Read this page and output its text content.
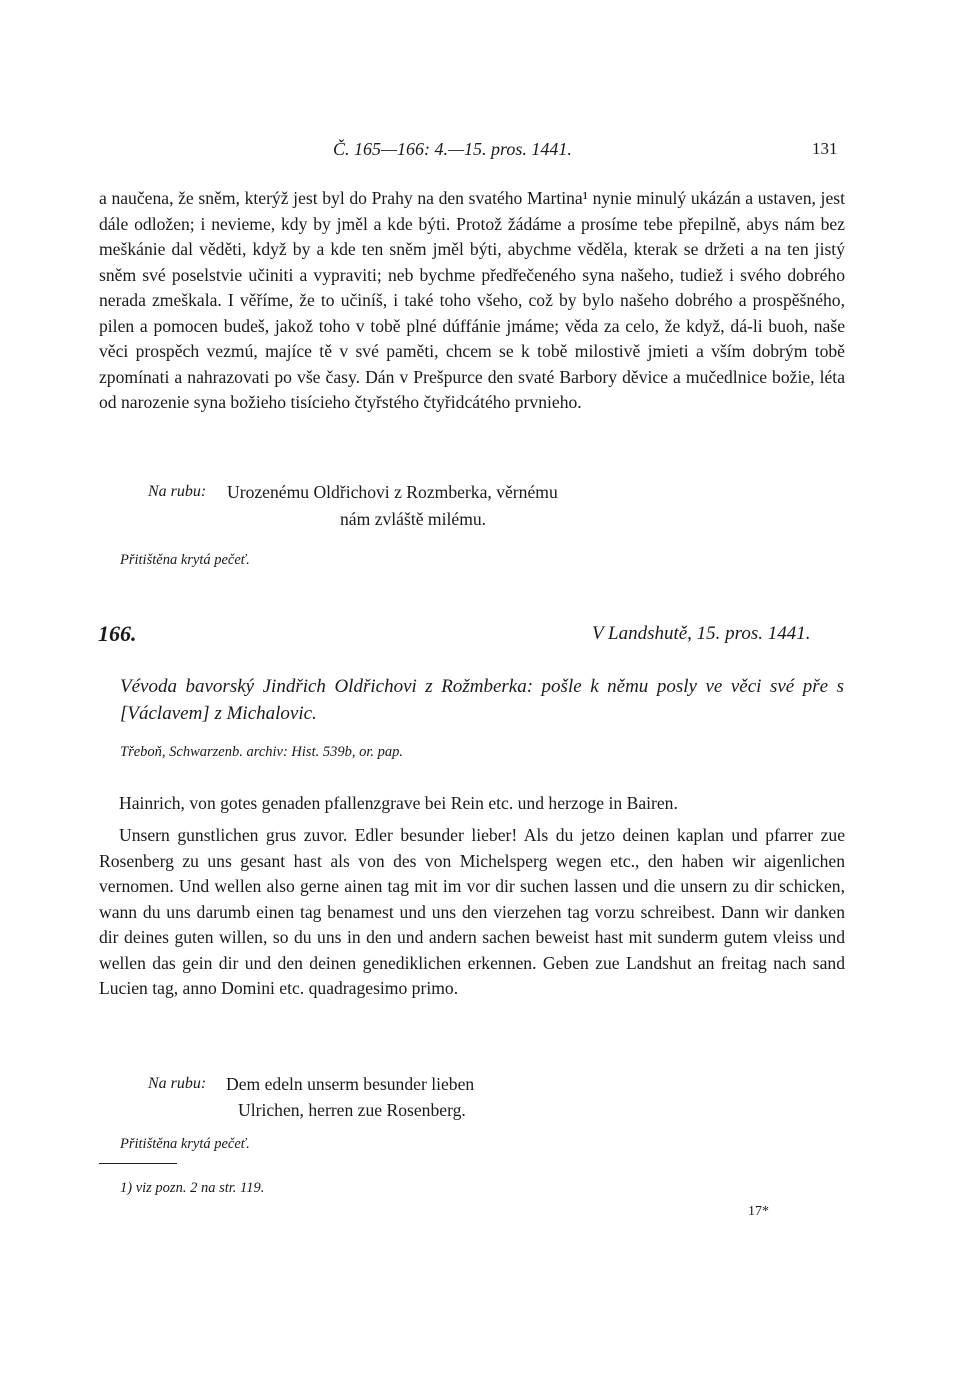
Č. 165—166: 4.—15. pros. 1441.	131

a naučena, že sněm, kterýž jest byl do Prahy na den svatého Martina¹ nynie minulý ukázán a ustaven, jest dále odložen; i nevieme, kdy by jměl a kde býti. Protož žádáme a prosíme tebe přepilně, abys nám bez meškánie dal věděti, když by a kde ten sněm jměl býti, abychme věděla, kterak se držeti a na ten jistý sněm své poselstvie učiniti a vypraviti; neb bychme předřečeného syna našeho, tudiež i svého dobrého nerada zmeškala. I věříme, že to učiníš, i také toho všeho, což by bylo našeho dobrého a prospěšného, pilen a pomocen budeš, jakož toho v tobě plné dúffánie jmáme; věda za celo, že když, dá-li buoh, naše věci prospěch vezmú, majíce tě v své paměti, chcem se k tobě milostivě jmieti a vším dobrým tobě zpomínati a nahrazovati po vše časy. Dán v Prešpurce den svaté Barbory děvice a mučedlnice božie, léta od narozenie syna božieho tisícieho čtyřstého čtyřidcátého prvnieho.

Na rubu: Urozenému Oldřichovi z Rozmberka, věrnému
nám zvláště milému.
Přitištěna krytá pečeť.
166.	V Landshutě, 15. pros. 1441.

Vévoda bavorský Jindřich Oldřichovi z Rožmberka: pošle k němu posly ve věci své pře s [Václavem] z Michalovic.

Třeboň, Schwarzenb. archiv: Hist. 539b, or. pap.

Hainrich, von gotes genaden pfallenzgrave bei Rein etc. und herzoge in Bairen.

Unsern gunstlichen grus zuvor. Edler besunder lieber! Als du jetzo deinen kaplan und pfarrer zue Rosenberg zu uns gesant hast als von des von Michelsperg wegen etc., den haben wir aigenlichen vernomen. Und wellen also gerne ainen tag mit im vor dir suchen lassen und die unsern zu dir schicken, wann du uns darumb einen tag benamest und uns den vierzehen tag vorzu schreibest. Dann wir danken dir deines guten willen, so du uns in den und andern sachen beweist hast mit sunderm gutem vleiss und wellen das gein dir und den deinen genediklichen erkennen. Geben zue Landshut an freitag nach sand Lucien tag, anno Domini etc. quadragesimo primo.

Na rubu: Dem edeln unserm besunder lieben
Ulrichen, herren zue Rosenberg.
Přitištěna krytá pečeť.
1) viz pozn. 2 na str. 119.
17*
